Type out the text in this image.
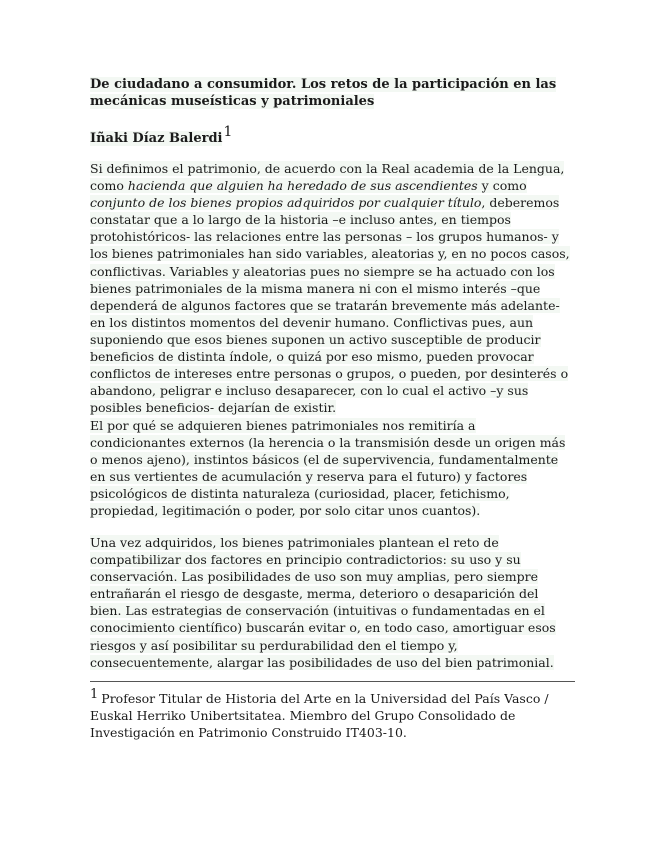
De ciudadano a consumidor. Los retos de la participación en las mecánicas museísticas y patrimoniales
Iñaki Díaz Balerdi$^1$
Si definimos el patrimonio, de acuerdo con la Real academia de la Lengua, como hacienda que alguien ha heredado de sus ascendientes y como conjunto de los bienes propios adquiridos por cualquier título, deberemos constatar que a lo largo de la historia –e incluso antes, en tiempos protohistóricos- las relaciones entre las personas – los grupos humanos- y los bienes patrimoniales han sido variables, aleatorias y, en no pocos casos, conflictivas. Variables y aleatorias pues no siempre se ha actuado con los bienes patrimoniales de la misma manera ni con el mismo interés –que dependerá de algunos factores que se tratarán brevemente más adelante- en los distintos momentos del devenir humano. Conflictivas pues, aun suponiendo que esos bienes suponen un activo susceptible de producir beneficios de distinta índole, o quizá por eso mismo, pueden provocar conflictos de intereses entre personas o grupos, o pueden, por desinterés o abandono, peligrar e incluso desaparecer, con lo cual el activo –y sus posibles beneficios- dejarían de existir.
El por qué se adquieren bienes patrimoniales nos remitiría a condicionantes externos (la herencia o la transmisión desde un origen más o menos ajeno), instintos básicos (el de supervivencia, fundamentalmente en sus vertientes de acumulación y reserva para el futuro) y factores psicológicos de distinta naturaleza (curiosidad, placer, fetichismo, propiedad, legitimación o poder, por solo citar unos cuantos).
Una vez adquiridos, los bienes patrimoniales plantean el reto de compatibilizar dos factores en principio contradictorios: su uso y su conservación. Las posibilidades de uso son muy amplias, pero siempre entrañarán el riesgo de desgaste, merma, deterioro o desaparición del bien. Las estrategias de conservación (intuitivas o fundamentadas en el conocimiento científico) buscarán evitar o, en todo caso, amortiguar esos riesgos y así posibilitar su perdurabilidad den el tiempo y, consecuentemente, alargar las posibilidades de uso del bien patrimonial.
$^1$ Profesor Titular de Historia del Arte en la Universidad del País Vasco / Euskal Herriko Unibertsitatea. Miembro del Grupo Consolidado de Investigación en Patrimonio Construido IT403-10.
